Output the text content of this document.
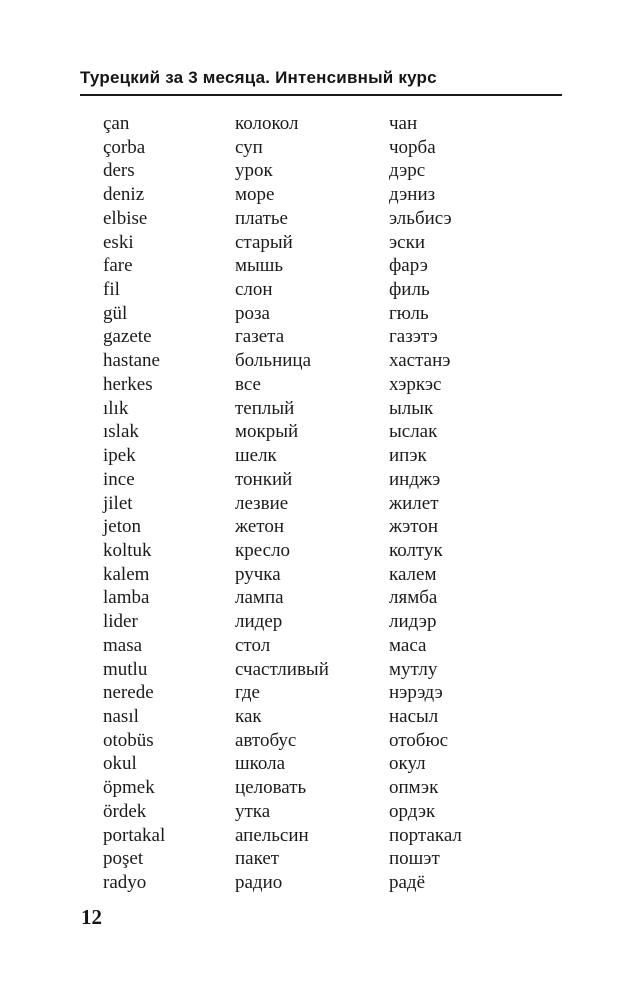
Турецкий за 3 месяца. Интенсивный курс
çan	колокол	чан
çorba	суп	чорба
ders	урок	дэрс
deniz	море	дэниз
elbise	платье	эльбисэ
eski	старый	эски
fare	мышь	фарэ
fil	слон	филь
gül	роза	гюль
gazete	газета	газэтэ
hastane	больница	хастанэ
herkes	все	хэркэс
ılık	теплый	ылык
ıslak	мокрый	ыслак
ipek	шелк	ипэк
ince	тонкий	инджэ
jilet	лезвие	жилет
jeton	жетон	жэтон
koltuk	кресло	колтук
kalem	ручка	калем
lamba	лампа	лямба
lider	лидер	лидэр
masa	стол	маса
mutlu	счастливый	мутлу
nerede	где	нэрэдэ
nasıl	как	насыл
otobüs	автобус	отобюс
okul	школа	окул
öpmek	целовать	опмэк
ördek	утка	ордэк
portakal	апельсин	портакал
poşet	пакет	пошэт
radyo	радио	радё
12
